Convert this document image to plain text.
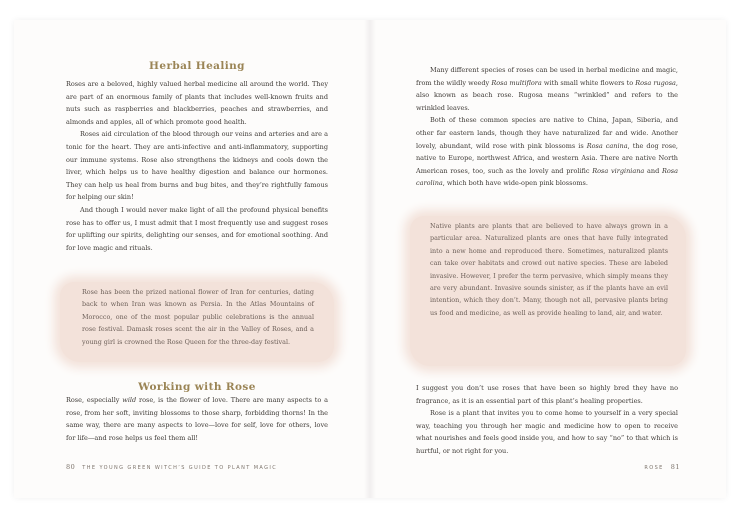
Herbal Healing

Roses are a beloved, highly valued herbal medicine all around the world. They are part of an enormous family of plants that includes well-known fruits and nuts such as raspberries and blackberries, peaches and strawberries, and almonds and apples, all of which promote good health.

Roses aid circulation of the blood through our veins and arteries and are a tonic for the heart. They are anti-infective and anti-inflammatory, supporting our immune systems. Rose also strengthens the kidneys and cools down the liver, which helps us to have healthy digestion and balance our hormones. They can help us heal from burns and bug bites, and they’re rightfully famous for helping our skin!

And though I would never make light of all the profound physical benefits rose has to offer us, I must admit that I most frequently use and suggest roses for uplifting our spirits, delighting our senses, and for emotional soothing. And for love magic and rituals.

Rose has been the prized national flower of Iran for centuries, dating back to when Iran was known as Persia. In the Atlas Mountains of Morocco, one of the most popular public celebrations is the annual rose festival. Damask roses scent the air in the Valley of Roses, and a young girl is crowned the Rose Queen for the three-day festival.
Working with Rose

Rose, especially wild rose, is the flower of love. There are many aspects to a rose, from her soft, inviting blossoms to those sharp, forbidding thorns! In the same way, there are many aspects to love—love for self, love for others, love for life—and rose helps us feel them all!

80 THE YOUNG GREEN WITCH’S GUIDE TO PLANT MAGIC

Many different species of roses can be used in herbal medicine and magic, from the wildly weedy Rosa multiflora with small white flowers to Rosa rugosa, also known as beach rose. Rugosa means “wrinkled” and refers to the wrinkled leaves.

Both of these common species are native to China, Japan, Siberia, and other far eastern lands, though they have naturalized far and wide. Another lovely, abundant, wild rose with pink blossoms is Rosa canina, the dog rose, native to Europe, northwest Africa, and western Asia. There are native North American roses, too, such as the lovely and prolific Rosa virginiana and Rosa carolina, which both have wide-open pink blossoms.

Native plants are plants that are believed to have always grown in a particular area. Naturalized plants are ones that have fully integrated into a new home and reproduced there. Sometimes, naturalized plants can take over habitats and crowd out native species. These are labeled invasive. However, I prefer the term pervasive, which simply means they are very abundant. Invasive sounds sinister, as if the plants have an evil intention, which they don’t. Many, though not all, pervasive plants bring us food and medicine, as well as provide healing to land, air, and water.

I suggest you don’t use roses that have been so highly bred they have no fragrance, as it is an essential part of this plant’s healing properties.

Rose is a plant that invites you to come home to yourself in a very special way, teaching you through her magic and medicine how to open to receive what nourishes and feels good inside you, and how to say “no” to that which is hurtful, or not right for you.

ROSE 81
